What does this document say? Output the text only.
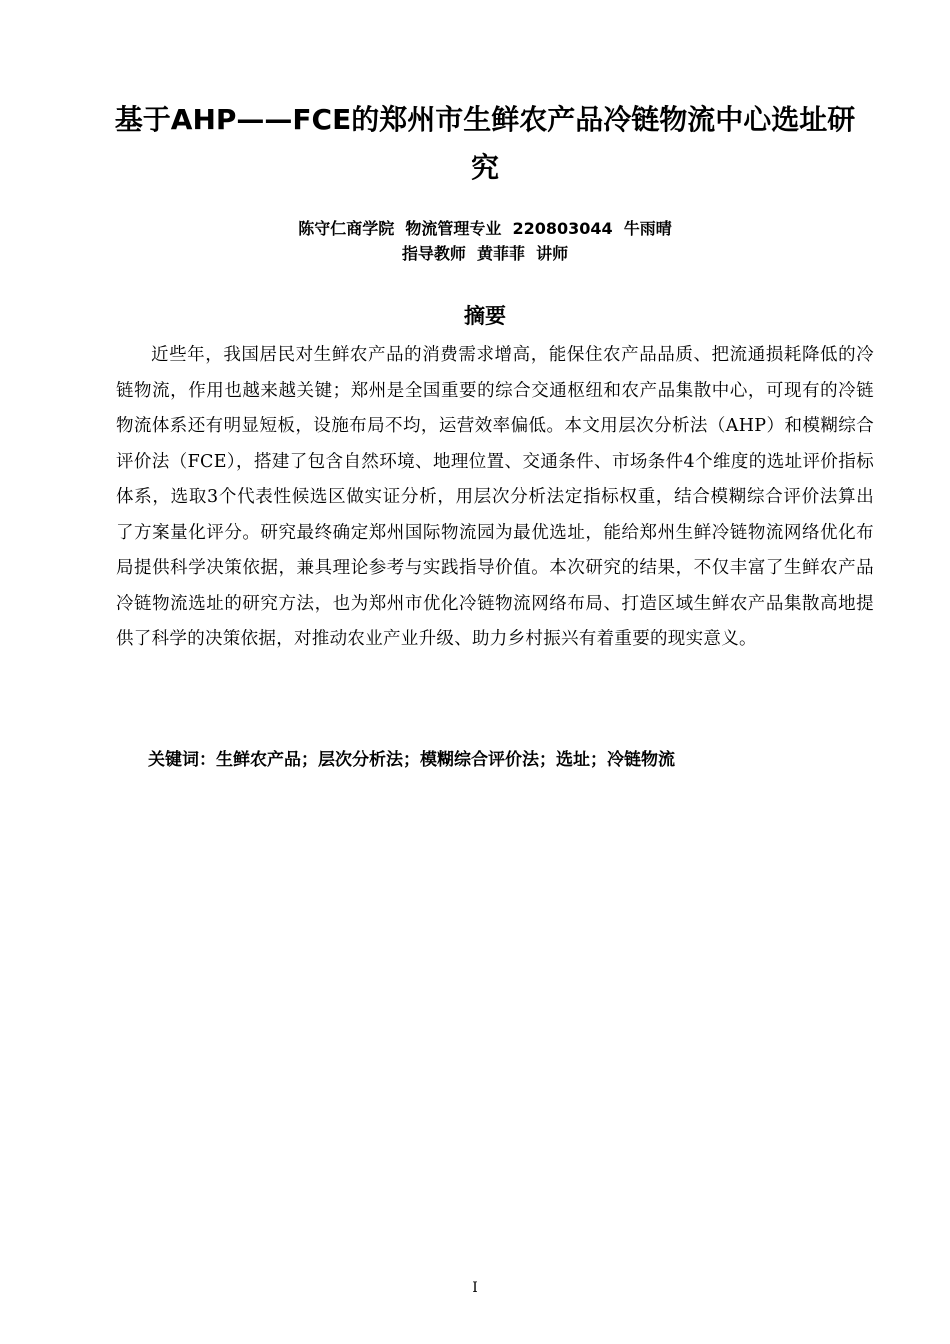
基于AHP——FCE的郑州市生鲜农产品冷链物流中心选址研
究
陈守仁商学院  物流管理专业  220803044  牛雨晴
指导教师  黄菲菲  讲师
摘要

近些年，我国居民对生鲜农产品的消费需求增高，能保住农产品品质、把流通损耗降低的冷链物流，作用也越来越关键；郑州是全国重要的综合交通枢纽和农产品集散中心，可现有的冷链物流体系还有明显短板，设施布局不均，运营效率偏低。本文用层次分析法（AHP）和模糊综合评价法（FCE），搭建了包含自然环境、地理位置、交通条件、市场条件4个维度的选址评价指标体系，选取3个代表性候选区做实证分析，用层次分析法定指标权重，结合模糊综合评价法算出了方案量化评分。研究最终确定郑州国际物流园为最优选址，能给郑州生鲜冷链物流网络优化布局提供科学决策依据，兼具理论参考与实践指导价值。本次研究的结果，不仅丰富了生鲜农产品冷链物流选址的研究方法，也为郑州市优化冷链物流网络布局、打造区域生鲜农产品集散高地提供了科学的决策依据，对推动农业产业升级、助力乡村振兴有着重要的现实意义。

关键词：生鲜农产品；层次分析法；模糊综合评价法；选址；冷链物流
I
